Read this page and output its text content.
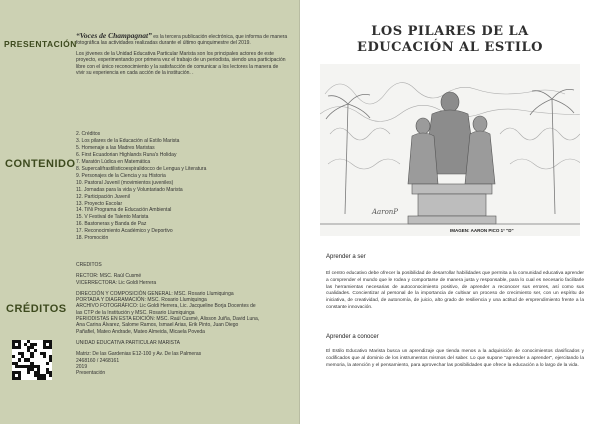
PRESENTACIÓN
CONTENIDO
CRÉDITOS

“Voces de Champagnat” es la tercera publicación electrónica, que informa de manera fotográfica las actividades realizadas durante el último quinquimestre del 2019.

Los jóvenes de la Unidad Educativa Particular Marista son los principales actores de este proyecto, experimentando por primera vez el trabajo de un periodista, siendo una participación libre con el único reconocimiento y la satisfacción de comunicar a los lectores la manera de vivir su experiencia en cada acción de la institución. .

2. Créditos
3. Los pilares de la Educación al Estilo Marista
5. Homenaje a las Madres Maristas
6. First Ecuadorian Highlands Runa's Holiday
7. Maratón Lúdica en Matemática
8. Supercalifrastilisticoespiralidocco de Lengua y Literatura
9. Personajes de la Ciencia y su Historia
10. Pastoral Juvenil (movimientos juveniles)
11. Jornadas para la vida y Voluntariado Marista
12. Participación Juvenil
13. Proyecto Escolar
14. TiNi Programa de Educación Ambiental
15. V Festival de Talento Marista
16. Bastoneras y Banda de Paz
17. Reconocimiento Académico y Deportivo
18. Promoción
CREDITOS
RECTOR: MSC. Raúl Cusmé
VICERRECTORA: Lic Goldi Herrera
DIRECCIÓN Y COMPOSICIÓN GENERAL: MSC. Rosario Llumiquinga
PORTADA Y DIAGRAMACIÓN: MSC. Rosario Llumiquinga
ARCHIVO FOTOGRÁFICO: Lic Goldi Herrera, Lic. Jacqueline Borja Docentes de
las CTP de la Institución y MSC. Rosario Llumiquinga
PERIODISTAS EN ESTA EDICIÓN: MSC. Raúl Cusmé, Alisson Juiña, David Luna,
Ana Carina Álvarez, Salome Ramos, Ismael Arias, Erik Pinto, Juan Diego
Pañafiel, Mateo Andrade, Mateo Almeida, Micaela Poveda
UNIDAD EDUCATIVA PARTICULAR MARISTA
Matriz: De las Gardenias E12-100 y Av. De las Palmeras
2468160 / 2468161
2019
Presentación
LOS PILARES DE LA
EDUCACIÓN AL ESTILO
AaronP
IMAGEN: AARON PICO 1° "D"
Aprender a ser

El centro educativo debe ofrecer la posibilidad de desarrollar habilidades que permita a la comunidad educativa aprender a comprender el mundo que le rodea y comportarse de manera justa y responsable, para lo cual es necesario facilitarle las herramientas necesarias de autoconocimiento positivo, de aprender a reconocer sus errores, así como sus cualidades. Concientizar al personal de la importancia de cultivar un proceso de crecimiento ser, con un espíritu de iniciativa, de creatividad, de autonomía, de juicio, alto grado de resiliencia y una actitud de emprendimiento frente a la constante innovación.

Aprender a conocer

El Estilo Educativo Marista busca un aprendizaje que tienda menos a la adquisición de conocimientos clasificados y codificados que al dominio de los instrumentos mismos del saber. Lo que supone "aprender a aprender", ejercitando la memoria, la atención y el pensamiento, para aprovechar las posibilidades que ofrece la educación a lo largo de la vida.
